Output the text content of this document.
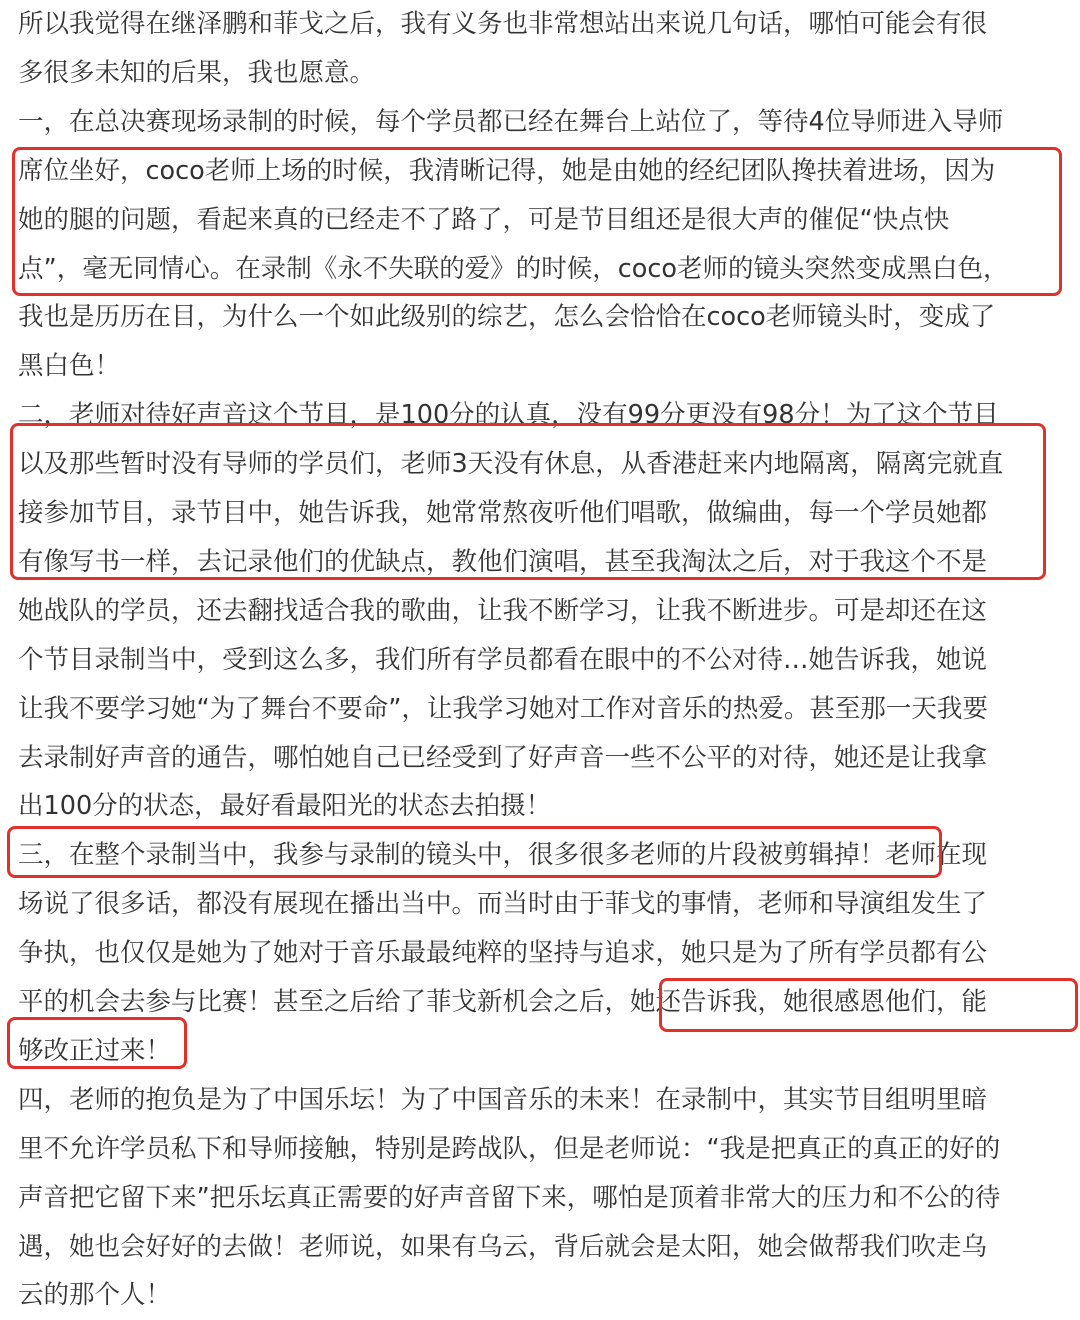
所以我觉得在继泽鹏和菲戈之后，我有义务也非常想站出来说几句话，哪怕可能会有很
多很多未知的后果，我也愿意。
一，在总决赛现场录制的时候，每个学员都已经在舞台上站位了，等待4位导师进入导师
席位坐好，coco老师上场的时候，我清晰记得，她是由她的经纪团队搀扶着进场，因为
她的腿的问题，看起来真的已经走不了路了，可是节目组还是很大声的催促“快点快
点”，毫无同情心。在录制《永不失联的爱》的时候，coco老师的镜头突然变成黑白色，
我也是历历在目，为什么一个如此级别的综艺，怎么会恰恰在coco老师镜头时，变成了
黑白色！
二，老师对待好声音这个节目，是100分的认真，没有99分更没有98分！为了这个节目
以及那些暂时没有导师的学员们，老师3天没有休息，从香港赶来内地隔离，隔离完就直
接参加节目，录节目中，她告诉我，她常常熬夜听他们唱歌，做编曲，每一个学员她都
有像写书一样，去记录他们的优缺点，教他们演唱，甚至我淘汰之后，对于我这个不是
她战队的学员，还去翻找适合我的歌曲，让我不断学习，让我不断进步。可是却还在这
个节目录制当中，受到这么多，我们所有学员都看在眼中的不公对待…她告诉我，她说
让我不要学习她“为了舞台不要命”，让我学习她对工作对音乐的热爱。甚至那一天我要
去录制好声音的通告，哪怕她自己已经受到了好声音一些不公平的对待，她还是让我拿
出100分的状态，最好看最阳光的状态去拍摄！
三，在整个录制当中，我参与录制的镜头中，很多很多老师的片段被剪辑掉！老师在现
场说了很多话，都没有展现在播出当中。而当时由于菲戈的事情，老师和导演组发生了
争执，也仅仅是她为了她对于音乐最最纯粹的坚持与追求，她只是为了所有学员都有公
平的机会去参与比赛！甚至之后给了菲戈新机会之后，她还告诉我，她很感恩他们，能
够改正过来！
四，老师的抱负是为了中国乐坛！为了中国音乐的未来！在录制中，其实节目组明里暗
里不允许学员私下和导师接触，特别是跨战队，但是老师说：“我是把真正的真正的好的
声音把它留下来”把乐坛真正需要的好声音留下来，哪怕是顶着非常大的压力和不公的待
遇，她也会好好的去做！老师说，如果有乌云，背后就会是太阳，她会做帮我们吹走乌
云的那个人！
